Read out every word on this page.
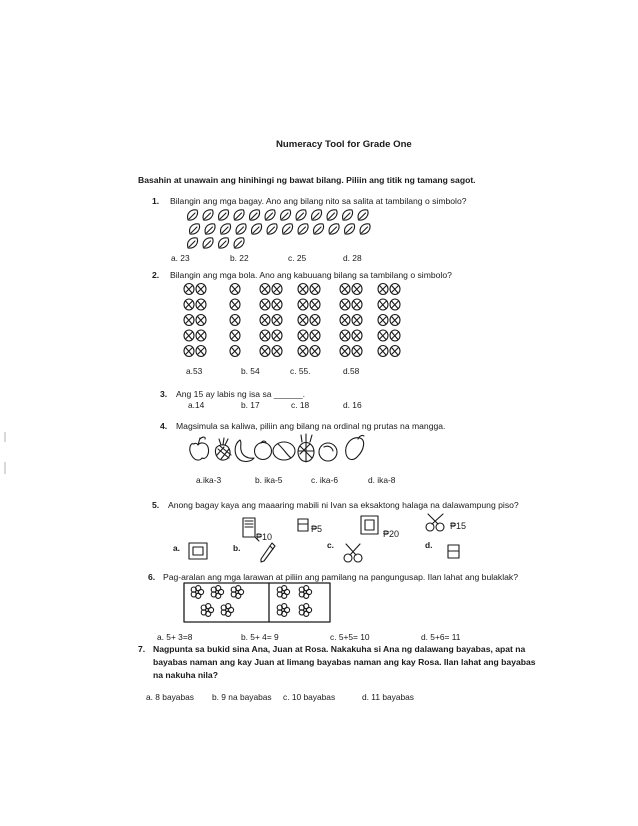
Numeracy Tool for Grade One
Basahin at unawain ang hinihingi ng bawat bilang. Piliin ang titik ng tamang sagot.
1. Bilangin ang mga bagay. Ano ang bilang nito sa salita at tambilang o simbolo?
a. 23	b. 22	c. 25	d. 28
2. Bilangin ang mga bola. Ano ang kabuuang bilang sa tambilang o simbolo?
a.53	b. 54	c. 55.	d.58
3. Ang 15 ay labis ng isa sa ______.
a.14	b. 17	c. 18	d. 16
4. Magsimula sa kaliwa, piliin ang bilang na ordinal ng prutas na mangga.
a.ika-3	b. ika-5	c. ika-6	d. ika-8
5. Anong bagay kaya ang maaaring mabili ni Ivan sa eksaktong halaga na dalawampung piso?
₱10
₱5	₱20
₱15
a.	b.	c.	d.
6. Pag-aralan ang mga larawan at piliin ang pamilang na pangungusap. Ilan lahat ang bulaklak?
a. 5+ 3=8	b. 5+ 4= 9	c. 5+5= 10	d. 5+6= 11
7. Nagpunta sa bukid sina Ana, Juan at Rosa. Nakakuha si Ana ng dalawang bayabas, apat na
bayabas naman ang kay Juan at limang bayabas naman ang kay Rosa. Ilan lahat ang bayabas
na nakuha nila?
a. 8 bayabas b. 9 na bayabas c. 10 bayabas	d. 11 bayabas
